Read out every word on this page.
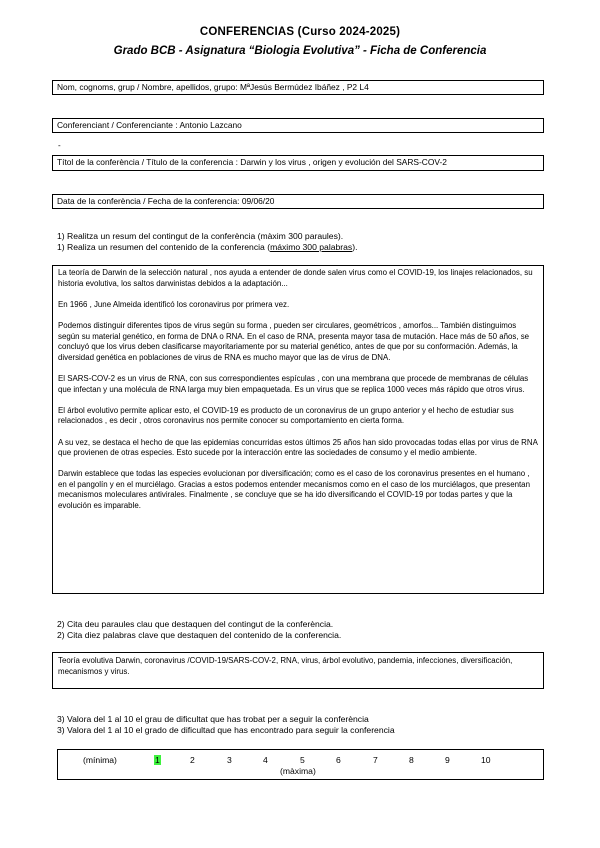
CONFERENCIAS (Curso 2024-2025)
Grado BCB - Asignatura “Biologia Evolutiva” - Ficha de Conferencia
Nom, cognoms, grup / Nombre, apellidos, grupo: MªJesús Bermúdez Ibáñez , P2 L4
Conferenciant / Conferenciante : Antonio Lazcano
-
Títol de la conferència / Título de la conferencia : Darwin y los virus , origen y evolución del SARS-COV-2
Data de la conferència / Fecha de la conferencia: 09/06/20
1) Realitza un resum del contingut de la conferència (màxim 300 paraules).
1) Realiza un resumen del contenido de la conferencia (máximo 300 palabras).

La teoría de Darwin de la selección natural , nos ayuda a entender de donde salen virus como el COVID-19, los linajes relacionados, su historia evolutiva, los saltos darwinistas debidos a la adaptación...

En 1966 , June Almeida identificó los coronavirus por primera vez.

Podemos distinguir diferentes tipos de virus según su forma , pueden ser circulares, geométricos , amorfos... También distinguimos según su material genético, en forma de DNA o RNA. En el caso de RNA, presenta mayor tasa de mutación. Hace más de 50 años, se concluyó que los virus deben clasificarse mayoritariamente por su material genético, antes de que por su conformación. Además, la diversidad genética en poblaciones de virus de RNA es mucho mayor que las de virus de DNA.

El SARS-COV-2 es un virus de RNA, con sus correspondientes espículas , con una membrana que procede de membranas de células que infectan y una molécula de RNA larga muy bien empaquetada. Es un virus que se replica 1000 veces más rápido que otros virus.

El árbol evolutivo permite aplicar esto, el COVID-19 es producto de un coronavirus de un grupo anterior y el hecho de estudiar sus relacionados , es decir , otros coronavirus nos permite conocer su comportamiento en cierta forma.

A su vez, se destaca el hecho de que las epidemias concurridas estos últimos 25 años han sido provocadas todas ellas por virus de RNA que provienen de otras especies. Esto sucede por la interacción entre las sociedades de consumo y el medio ambiente.

Darwin establece que todas las especies evolucionan por diversificación; como es el caso de los coronavirus presentes en el humano , en el pangolín y en el murciélago. Gracias a estos podemos entender mecanismos como en el caso de los murciélagos, que presentan mecanismos moleculares antivirales. Finalmente , se concluye que se ha ido diversificando el COVID-19 por todas partes y que la evolución es imparable.

2) Cita deu paraules clau que destaquen del contingut de la conferència.
2) Cita diez palabras clave que destaquen del contenido de la conferencia.
Teoría evolutiva Darwin, coronavirus /COVID-19/SARS-COV-2, RNA, virus, árbol evolutivo, pandemia, infecciones, diversificación, mecanismos y virus.
3) Valora del 1 al 10 el grau de dificultat que has trobat per a seguir la conferència
3) Valora del 1 al 10 el grado de dificultad que has encontrado para seguir la conferencia
(mínima)	1	2	3	4	5	6	7	8	9	10
(màxima)
